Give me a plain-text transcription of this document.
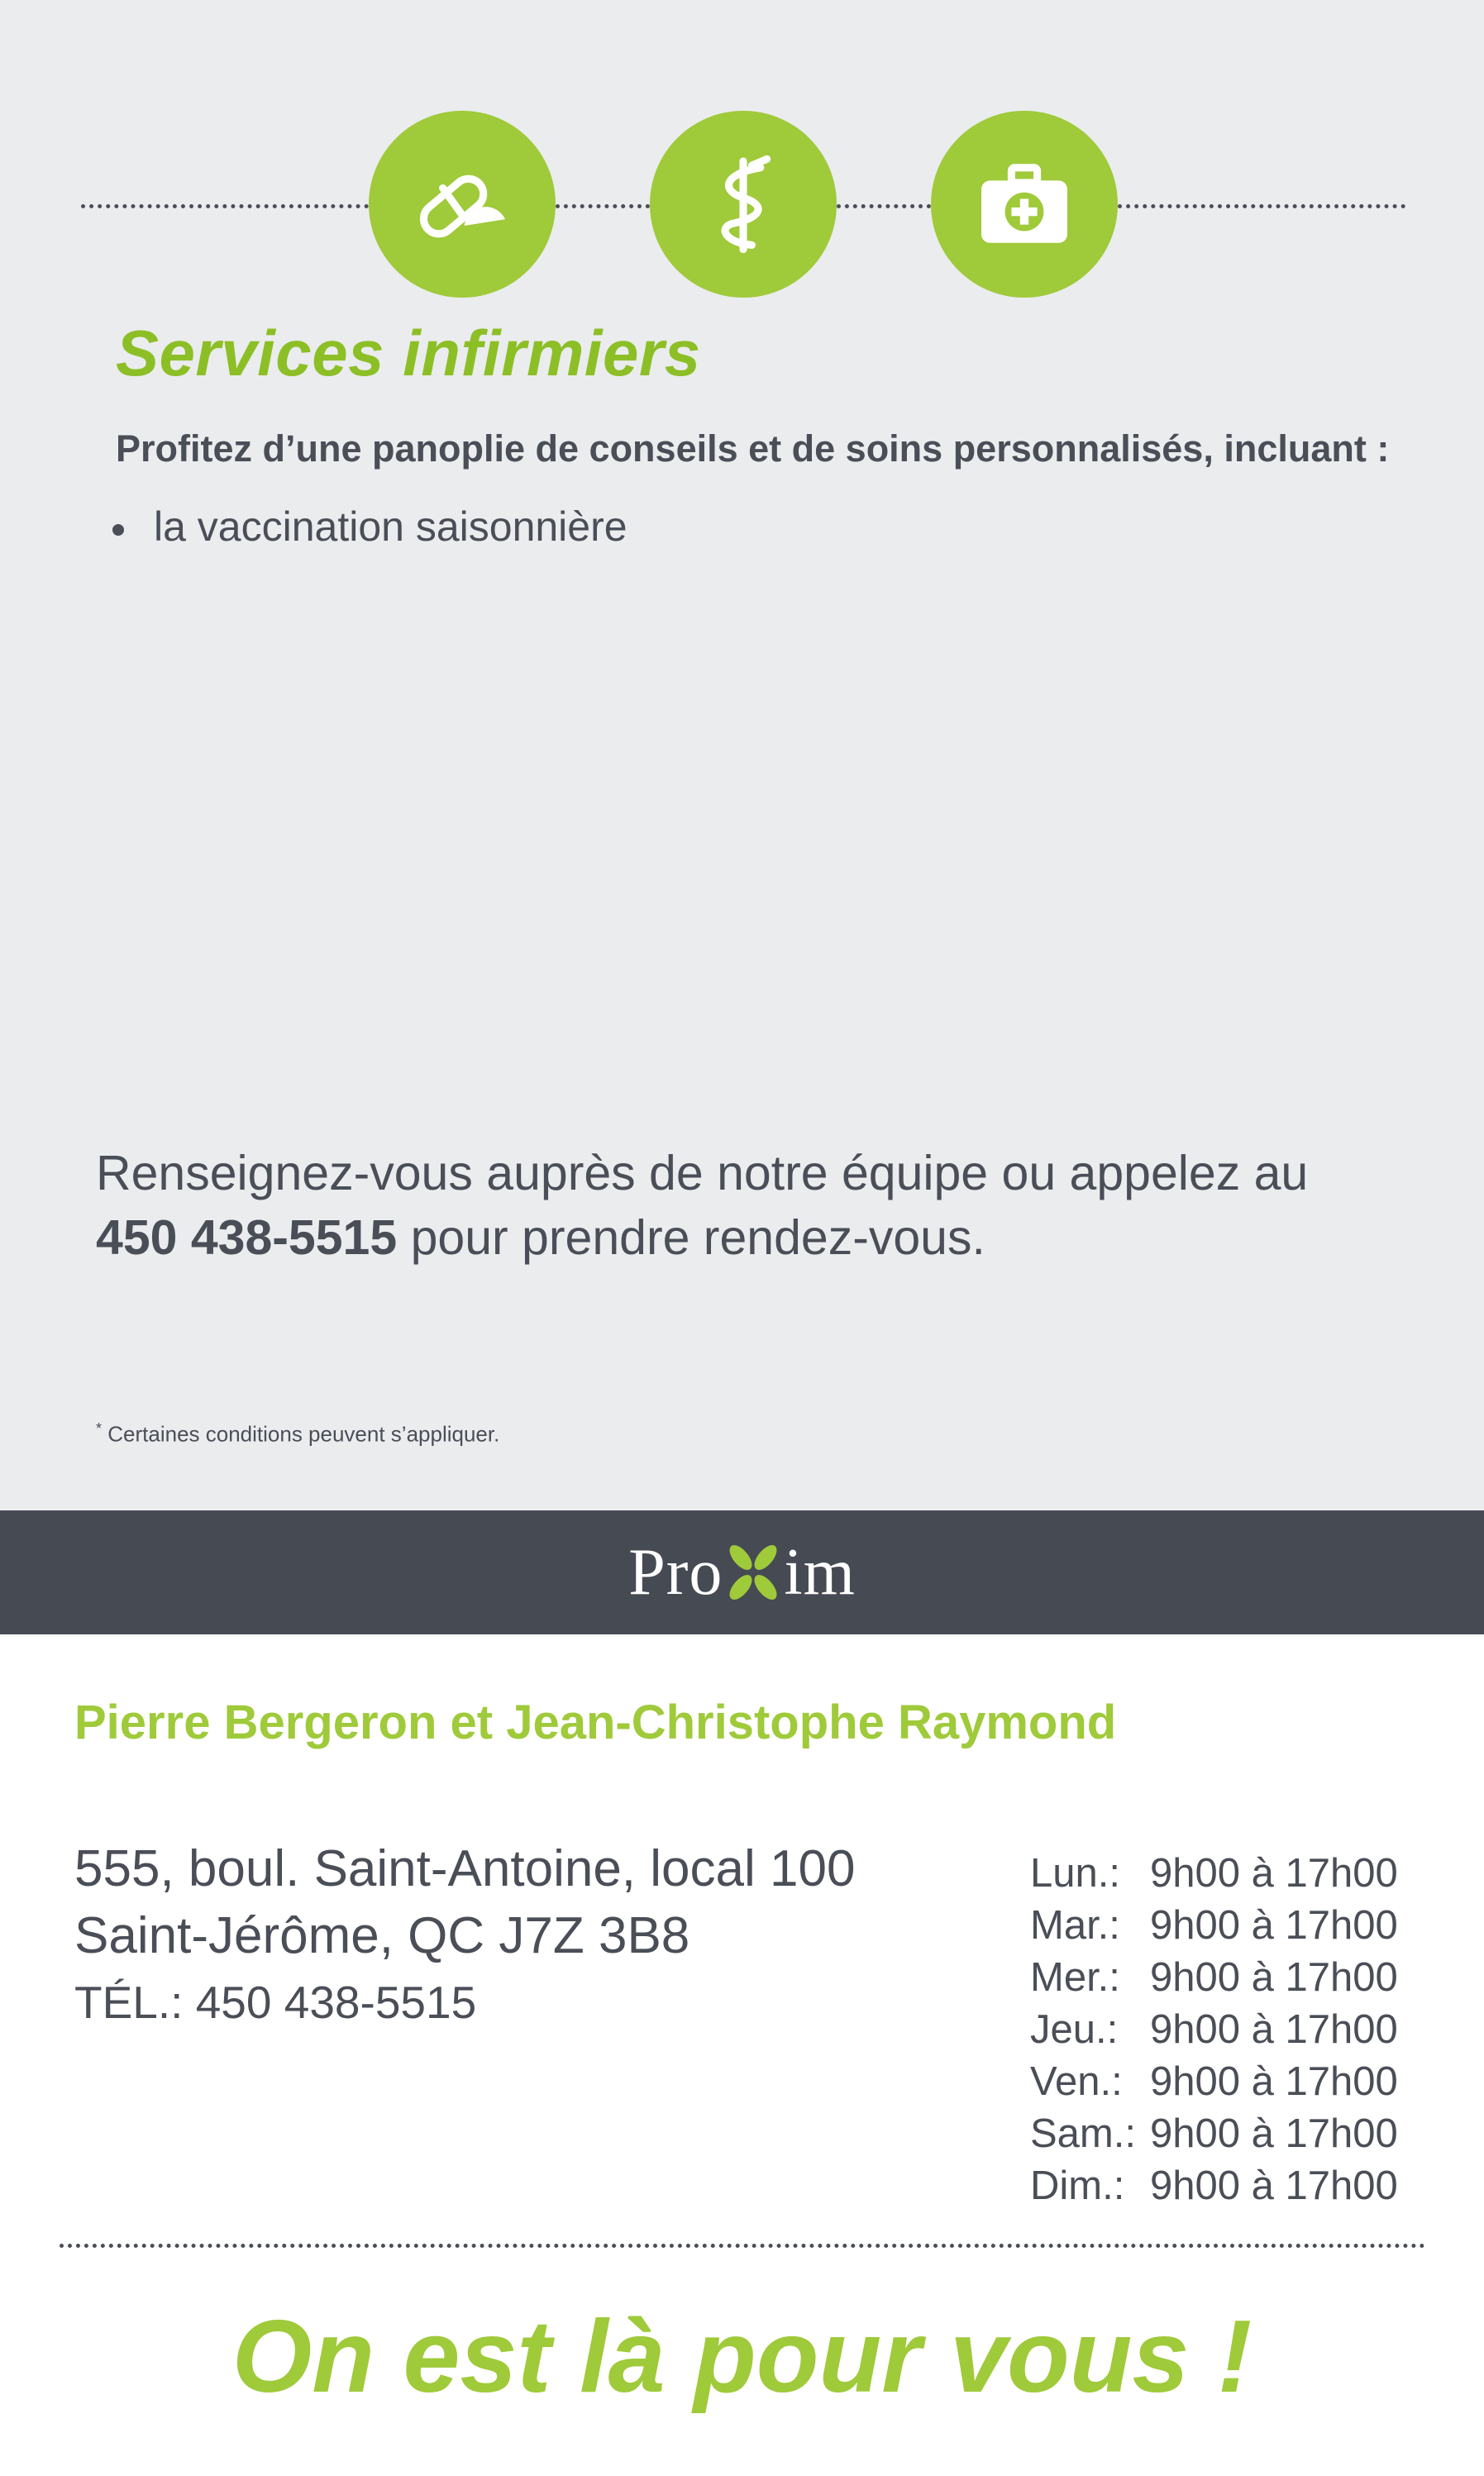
Services infirmiers
Profitez d’une panoplie de conseils et de soins personnalisés, incluant :
la vaccination saisonnière
Renseignez-vous auprès de notre équipe ou appelez au
450 438-5515 pour prendre rendez-vous.
* Certaines conditions peuvent s’appliquer.
Pro im
Pierre Bergeron et Jean-Christophe Raymond
555, boul. Saint-Antoine, local 100
Saint-Jérôme, QC J7Z 3B8
TÉL.: 450 438-5515
Lun.: 9h00 à 17h00
Mar.: 9h00 à 17h00
Mer.: 9h00 à 17h00
Jeu.: 9h00 à 17h00
Ven.: 9h00 à 17h00
Sam.: 9h00 à 17h00
Dim.: 9h00 à 17h00
On est là pour vous !
